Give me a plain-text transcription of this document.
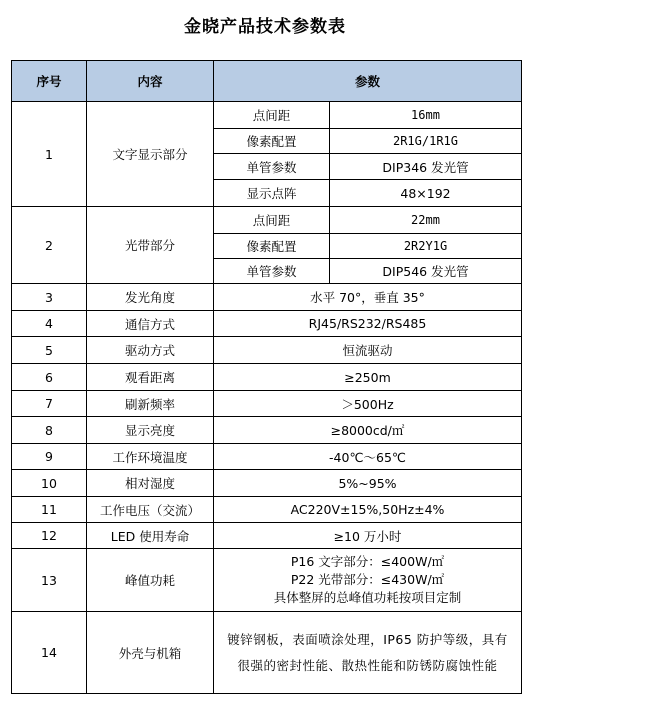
金晓产品技术参数表
序号	内容	参数	
1	文字显示部分	点间距	16mm
		像素配置	2R1G/1R1G
		单管参数	DIP346 发光管
		显示点阵	48×192
2	光带部分	点间距	22mm
		像素配置	2R2Y1G
		单管参数	DIP546 发光管
3	发光角度	水平 70°，垂直 35°	
4	通信方式	RJ45/RS232/RS485	
5	驱动方式	恒流驱动	
6	观看距离	≥250m	
7	刷新频率	＞500Hz	
8	显示亮度	≥8000cd/㎡	
9	工作环境温度	-40℃～65℃	
10	相对湿度	5%~95%	
11	工作电压（交流）	AC220V±15%,50Hz±4%	
12	LED 使用寿命	≥10 万小时	
13	峰值功耗	P16 文字部分：≤400W/㎡
P22 光带部分：≤430W/㎡
具体整屏的总峰值功耗按项目定制	

14	外壳与机箱	镀锌钢板，表面喷涂处理，IP65 防护等级，具有
很强的密封性能、散热性能和防锈防腐蚀性能	
